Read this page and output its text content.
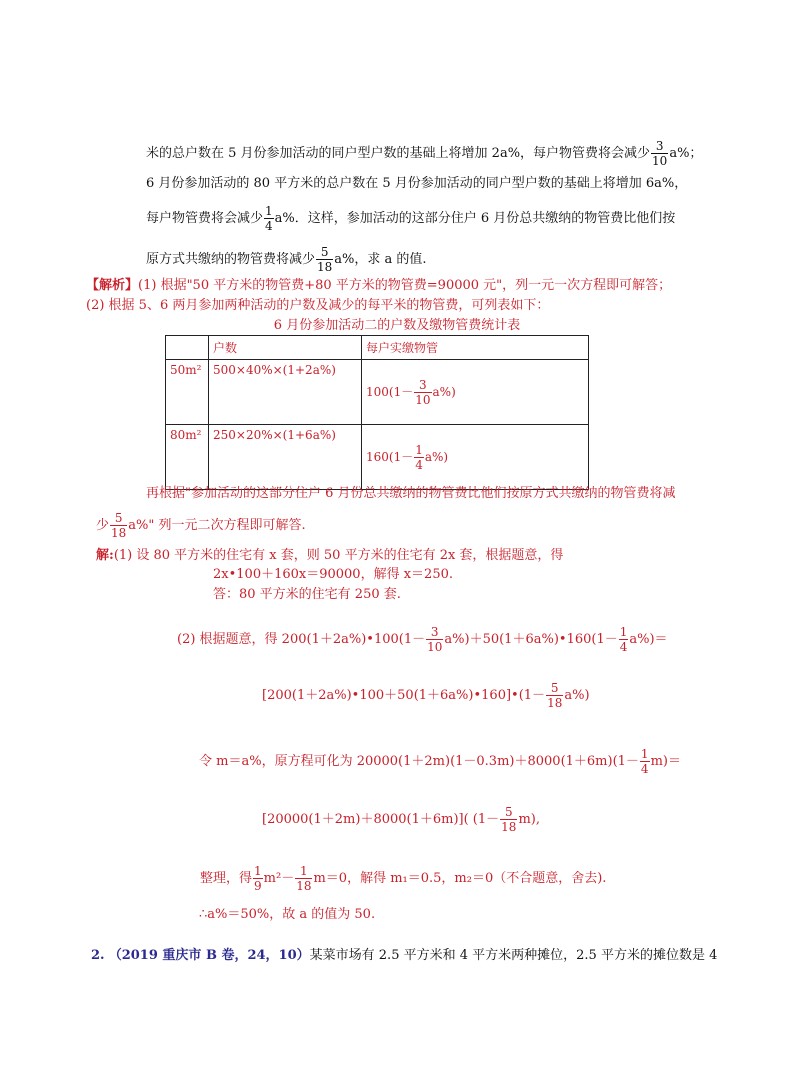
米的总户数在 5 月份参加活动的同户型户数的基础上将增加 2a%，每户物管费将会减少 $\frac{3}{10} a\%$；
6 月份参加活动的 80 平方米的总户数在 5 月份参加活动的同户型户数的基础上将增加 6a%，
每户物管费将会减少 $\frac{1}{4} a\%$．这样，参加活动的这部分住户 6 月份总共缴纳的物管费比他们按
原方式共缴纳的物管费将减少 $\frac{5}{18} a\%$，求 a 的值.
【解析】(1) 根据"50 平方米的物管费+80 平方米的物管费=90000 元"，列一元一次方程即可解答；
(2) 根据 5、6 两月参加两种活动的户数及减少的每平米的物管费，可列表如下：
6 月份参加活动二的户数及缴物管费统计表
	户数	每户实缴物管
50m²	500×40%×(1+2a%)	$100(1- \frac{3}{10} a\%)$
80m²	250×20%×(1+6a%)	$160(1- \frac{1}{4} a\%)$
再根据"参加活动的这部分住户 6 月份总共缴纳的物管费比他们按原方式共缴纳的物管费将减
少 $\frac{5}{18} a\%$" 列一元二次方程即可解答.
解:(1) 设 80 平方米的住宅有 x 套，则 50 平方米的住宅有 2x 套，根据题意，得
2x•100＋160x＝90000，解得 x＝250.
答：80 平方米的住宅有 250 套.
(2) 根据题意，得 200(1＋2a%)•100(1－ $\frac{3}{10}$ a%)＋50(1＋6a%)•160(1－ $\frac{1}{4} a\%)=$
[200(1＋2a%)•100＋50(1＋6a%)•160]•(1－ $\frac{5}{18} a\%$)
令 m＝a%，原方程可化为 $20000(1+2m)(1-0.3m)+8000(1+6m)(1- \frac{1}{4} m)=$
[20000(1＋2m)＋8000(1＋6m)]( $(1- \frac{5}{18} m)$,
整理，得 $\frac{1}{9} m^2- \frac{1}{18} m=0$，解得 m₁＝0.5，m₂＝0（不合题意，舍去).
∴a%＝50%，故 a 的值为 50.
2. （2019 重庆市 B 卷，24，10）某菜市场有 2.5 平方米和 4 平方米两种摊位，2.5 平方米的摊位数是 4
